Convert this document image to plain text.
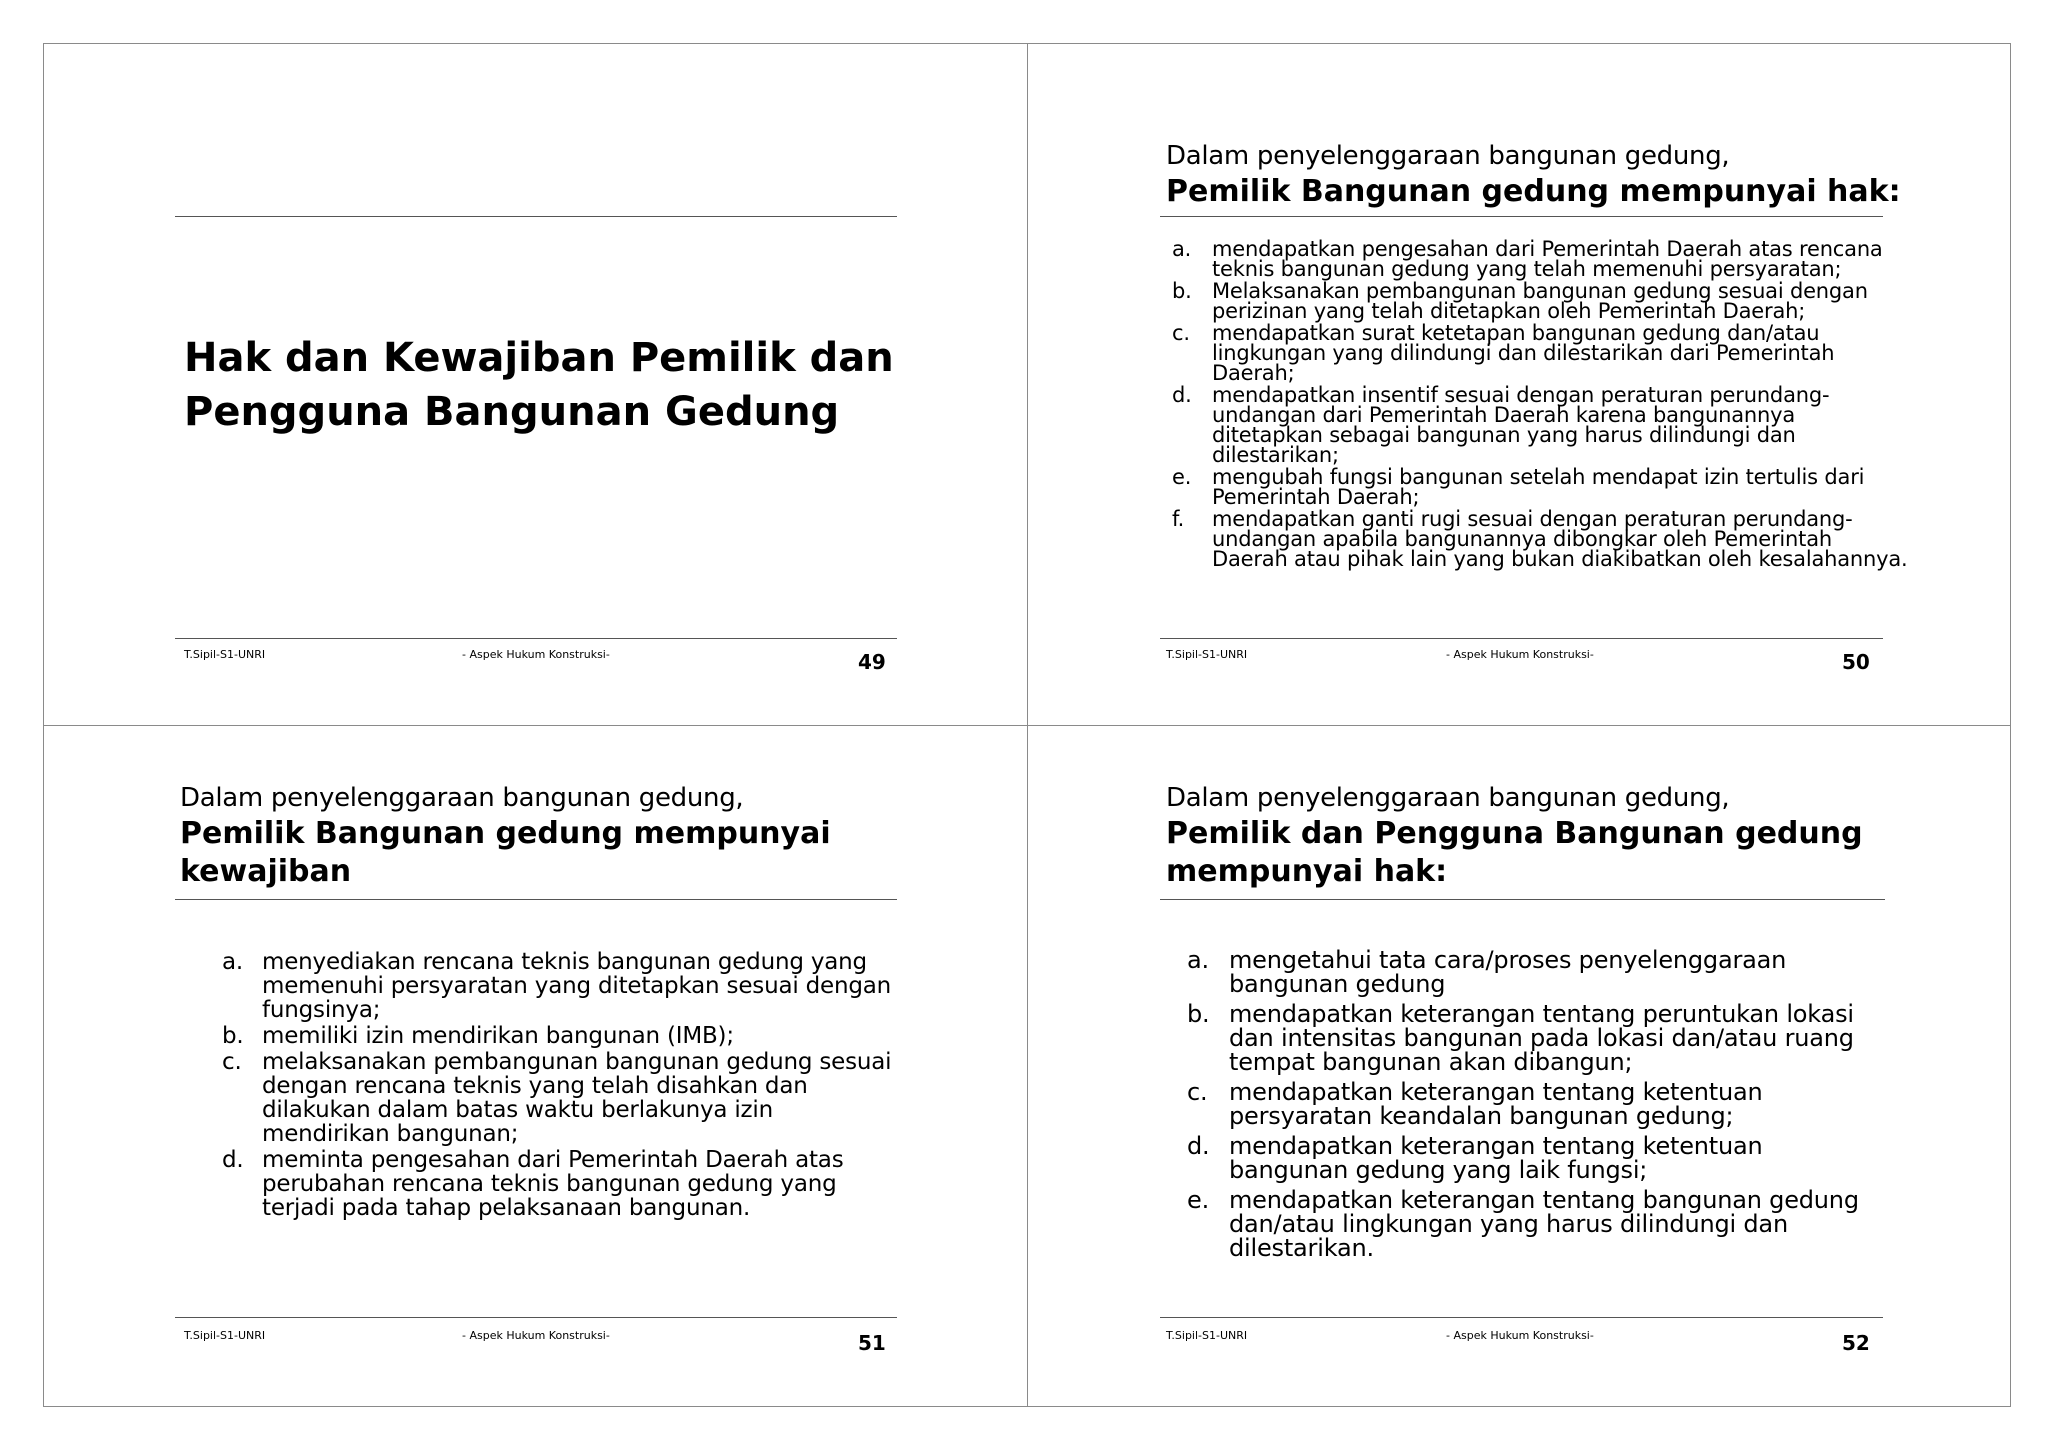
Hak dan Kewajiban Pemilik dan
Pengguna Bangunan Gedung
T.Sipil-S1-UNRI	- Aspek Hukum Konstruksi-	49
Dalam penyelenggaraan bangunan gedung,
Pemilik Bangunan gedung mempunyai hak:
a. mendapatkan pengesahan dari Pemerintah Daerah atas rencana teknis bangunan gedung yang telah memenuhi persyaratan;
b. Melaksanakan pembangunan bangunan gedung sesuai dengan perizinan yang telah ditetapkan oleh Pemerintah Daerah;
c. mendapatkan surat ketetapan bangunan gedung dan/atau lingkungan yang dilindungi dan dilestarikan dari Pemerintah Daerah;
d. mendapatkan insentif sesuai dengan peraturan perundang-undangan dari Pemerintah Daerah karena bangunannya ditetapkan sebagai bangunan yang harus dilindungi dan dilestarikan;
e. mengubah fungsi bangunan setelah mendapat izin tertulis dari Pemerintah Daerah;
f. mendapatkan ganti rugi sesuai dengan peraturan perundang-undangan apabila bangunannya dibongkar oleh Pemerintah Daerah atau pihak lain yang bukan diakibatkan oleh kesalahannya.
T.Sipil-S1-UNRI	- Aspek Hukum Konstruksi-	50
Dalam penyelenggaraan bangunan gedung,
Pemilik Bangunan gedung mempunyai
kewajiban
a. menyediakan rencana teknis bangunan gedung yang memenuhi persyaratan yang ditetapkan sesuai dengan fungsinya;
b. memiliki izin mendirikan bangunan (IMB);
c. melaksanakan pembangunan bangunan gedung sesuai dengan rencana teknis yang telah disahkan dan dilakukan dalam batas waktu berlakunya izin mendirikan bangunan;
d. meminta pengesahan dari Pemerintah Daerah atas perubahan rencana teknis bangunan gedung yang terjadi pada tahap pelaksanaan bangunan.
T.Sipil-S1-UNRI	- Aspek Hukum Konstruksi-	51
Dalam penyelenggaraan bangunan gedung,
Pemilik dan Pengguna Bangunan gedung
mempunyai hak:
a. mengetahui tata cara/proses penyelenggaraan bangunan gedung
b. mendapatkan keterangan tentang peruntukan lokasi dan intensitas bangunan pada lokasi dan/atau ruang tempat bangunan akan dibangun;
c. mendapatkan keterangan tentang ketentuan persyaratan keandalan bangunan gedung;
d. mendapatkan keterangan tentang ketentuan bangunan gedung yang laik fungsi;
e. mendapatkan keterangan tentang bangunan gedung dan/atau lingkungan yang harus dilindungi dan dilestarikan.
T.Sipil-S1-UNRI	- Aspek Hukum Konstruksi-	52
